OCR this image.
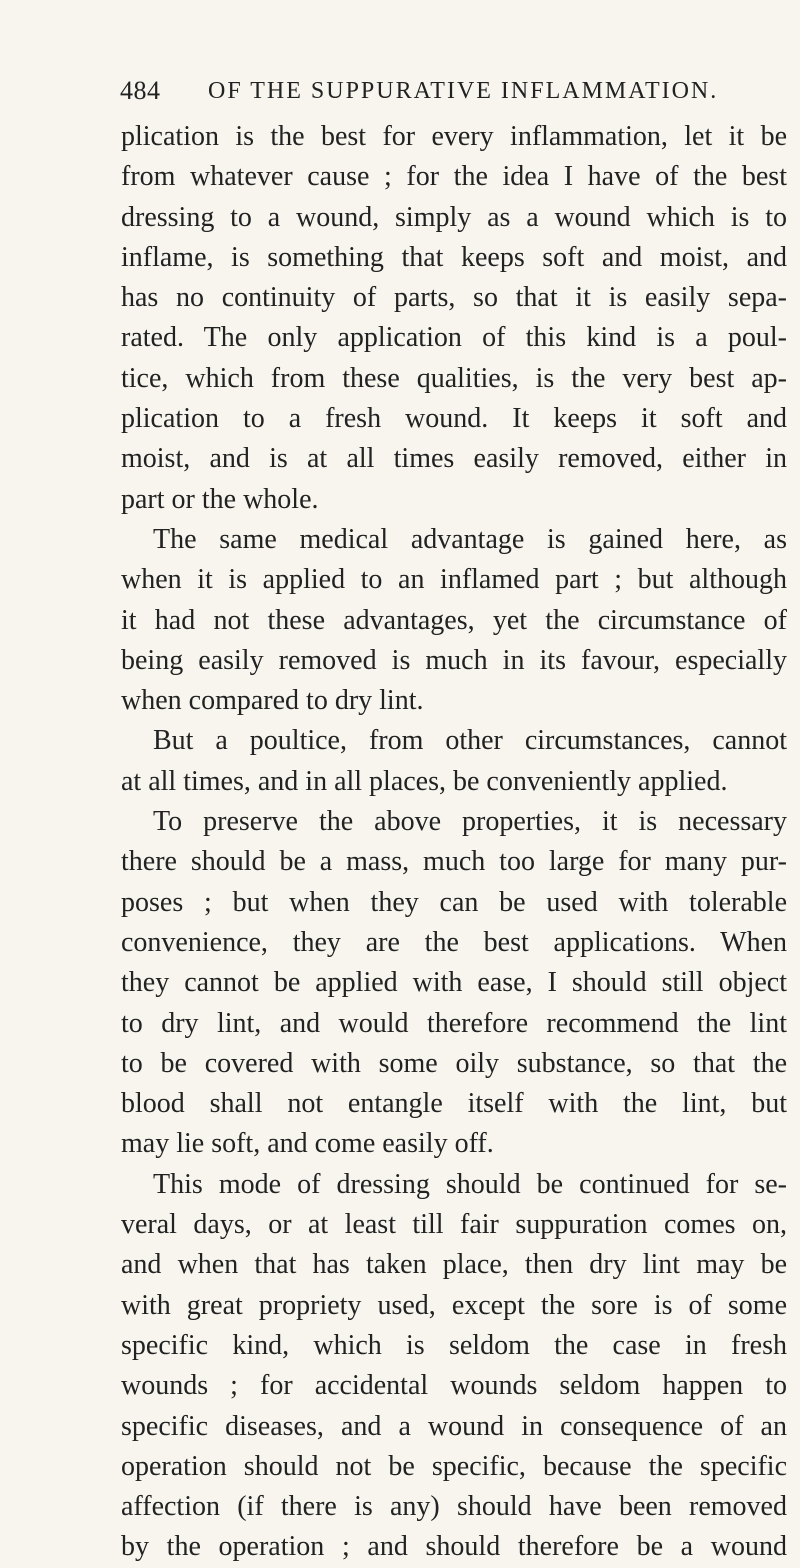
484	OF THE SUPPURATIVE INFLAMMATION.
plication is the best for every inflammation, let it be
from whatever cause ; for the idea I have of the best
dressing to a wound, simply as a wound which is to
inflame, is something that keeps soft and moist, and
has no continuity of parts, so that it is easily sepa-
rated. The only application of this kind is a poul-
tice, which from these qualities, is the very best ap-
plication to a fresh wound. It keeps it soft and
moist, and is at all times easily removed, either in
part or the whole.
The same medical advantage is gained here, as
when it is applied to an inflamed part ; but although
it had not these advantages, yet the circumstance of
being easily removed is much in its favour, especially
when compared to dry lint.
But a poultice, from other circumstances, cannot
at all times, and in all places, be conveniently applied.
To preserve the above properties, it is necessary
there should be a mass, much too large for many pur-
poses ; but when they can be used with tolerable
convenience, they are the best applications. When
they cannot be applied with ease, I should still object
to dry lint, and would therefore recommend the lint
to be covered with some oily substance, so that the
blood shall not entangle itself with the lint, but
may lie soft, and come easily off.
This mode of dressing should be continued for se-
veral days, or at least till fair suppuration comes on,
and when that has taken place, then dry lint may be
with great propriety used, except the sore is of some
specific kind, which is seldom the case in fresh
wounds ; for accidental wounds seldom happen to
specific diseases, and a wound in consequence of an
operation should not be specific, because the specific
affection (if there is any) should have been removed
by the operation ; and should therefore be a wound
